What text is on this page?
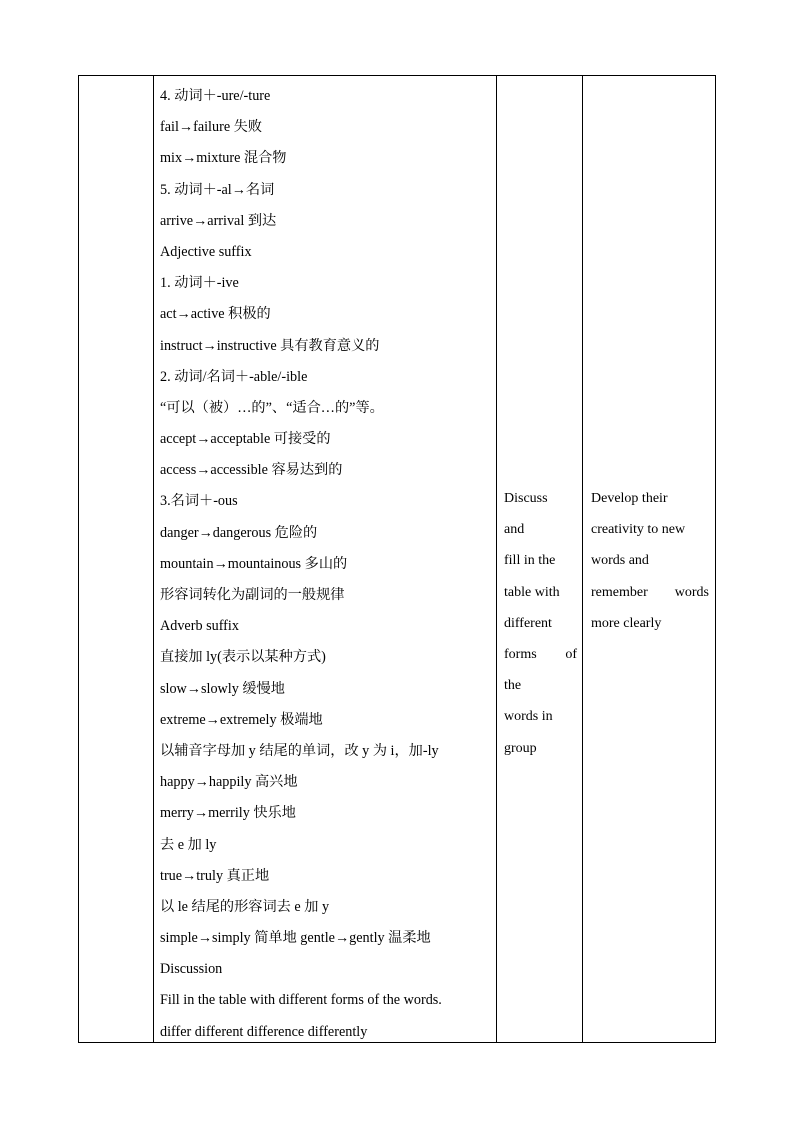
4. 动词＋-ure/-ture
fail→failure 失败
mix→mixture 混合物
5. 动词＋-al→名词
arrive→arrival 到达
Adjective suffix
1. 动词＋-ive
act→active 积极的
instruct→instructive 具有教育意义的
2. 动词/名词＋-able/-ible
“可以（被）…的”、“适合…的”等。
accept→acceptable 可接受的
access→accessible 容易达到的
3.名词＋-ous
danger→dangerous 危险的
mountain→mountainous 多山的
形容词转化为副词的一般规律
Adverb suffix
直接加 ly(表示以某种方式)
slow→slowly 缓慢地
extreme→extremely 极端地
以辅音字母加 y 结尾的单词，改 y 为 i，加-ly
happy→happily 高兴地
merry→merrily 快乐地
去 e 加 ly
true→truly 真正地
以 le 结尾的形容词去 e 加 y
simple→simply 简单地 gentle→gently 温柔地
Discussion
Fill in the table with different forms of the words.
differ different difference differently
Discuss
and
fill in the
table with
different
forms of
the
words in
group
Develop their
creativity to new
words and
remember words
more clearly
